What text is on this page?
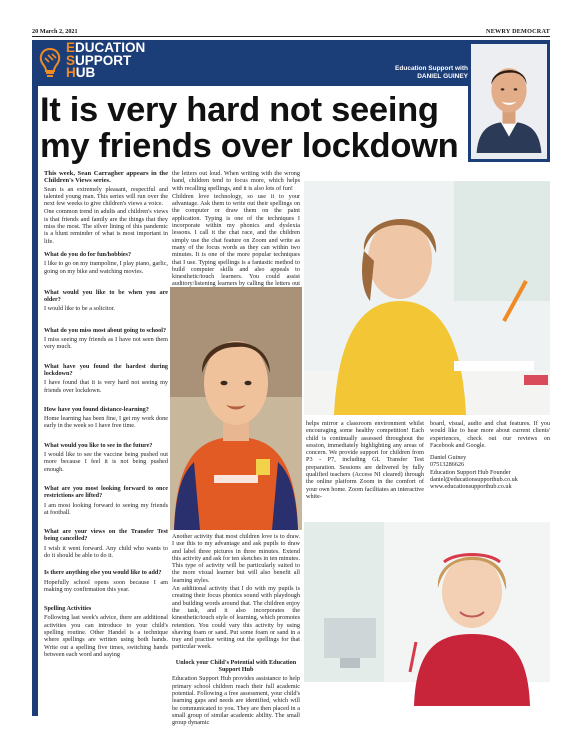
20 March 2, 2021	NEWRY DEMOCRAT
EDUCATION
SUPPORT
HUB	Education Support with
DANIEL GUINEY
It is very hard not seeing my friends over lockdown

This week, Sean Carragher appears in the Children's Views series.

Sean is an extremely pleasant, respectful and talented young man. This series will run over the next few weeks to give children's views a voice.

One common trend in adults and children's views is that friends and family are the things that they miss the most. The silver lining of this pandemic is a blunt reminder of what is most important in life.

What do you do for fun/hobbies?

I like to go on my trampoline, I play piano, garlic, going on my bike and watching movies.

What would you like to be when you are older?

I would like to be a solicitor.

What do you miss most about going to school?

I miss seeing my friends as I have not seen them very much.

What have you found the hardest during lockdown?

I have found that it is very hard not seeing my friends over lockdown.

How have you found distance-learning?

Home learning has been fine, I get my work done early in the week so I have free time.

What would you like to see in the future?

I would like to see the vaccine being pushed out more because I feel it is not being pushed enough.

What are you most looking forward to once restrictions are lifted?

I am most looking forward to seeing my friends at football.

What are your views on the Transfer Test being cancelled?

I wish it went forward. Any child who wants to do it should be able to do it.

Is there anything else you would like to add?

Hopefully school opens soon because I am making my confirmation this year.

Spelling Activities

Following last week's advice, there are additional activities you can introduce to your child's spelling routine. Other Handel is a technique where spellings are written using both hands. Write out a spelling five times, switching hands between each word and saying

the letters out loud. When writing with the wrong hand, children tend to focus more, which helps with recalling spellings, and it is also lots of fun!

Children love technology, so use it to your advantage. Ask them to write out their spellings on the computer or draw them on the paint application. Typing is one of the techniques I incorporate within my phonics and dyslexia lessons. I call it the chat race, and the children simply use the chat feature on Zoom and write as many of the focus words as they can within two minutes. It is one of the more popular techniques that I use. Typing spellings is a fantastic method to build computer skills and also appeals to kinesthetic/touch learners. You could assist auditory/listening learners by calling the letters out

Another activity that most children love is to draw. I use this to my advantage and ask pupils to draw and label three pictures in three minutes. Extend this activity and ask for ten sketches in ten minutes. This type of activity will be particularly suited to the more visual learner but will also benefit all learning styles.

An additional activity that I do with my pupils is creating their focus phonics sound with playdough and building words around that. The children enjoy the task, and it also incorporates the kinesthetic/touch style of learning, which promotes retention. You could vary this activity by using shaving foam or sand. Put some foam or sand in a tray and practise writing out the spellings for that particular week.

Unlock your Child's Potential with Education Support Hub

Education Support Hub provides assistance to help primary school children reach their full academic potential. Following a free assessment, your child's learning gaps and needs are identified, which will be communicated to you. They are then placed in a small group of similar academic ability. The small group dynamic

helps mirror a classroom environment whilst encouraging some healthy competition! Each child is continually assessed throughout the session, immediately highlighting any areas of concern. We provide support for children from P3 - P7, including GL Transfer Test preparation. Sessions are delivered by fully qualified teachers (Access NI cleared) through the online platform Zoom in the comfort of your own home. Zoom facilitates an interactive white-

board, visual, audio and chat features. If you would like to hear more about current clients' experiences, check out our reviews on Facebook and Google.

Daniel Guiney
07513286626
Education Support Hub Founder
daniel@educationsupporthub.co.uk
www.educationsupporthub.co.uk
